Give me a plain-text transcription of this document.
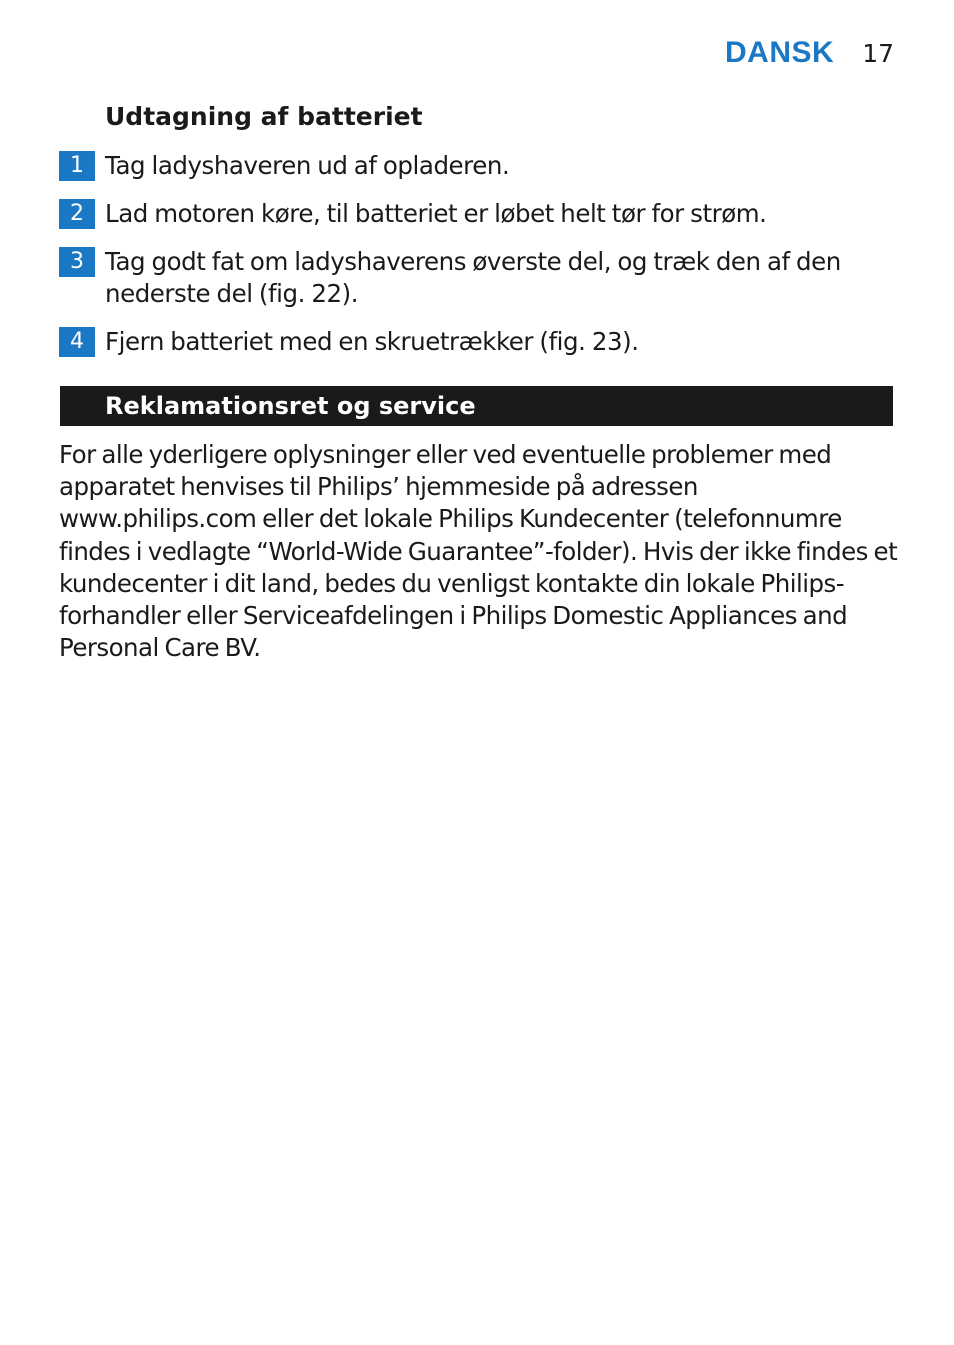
DANSK 17
Udtagning af batteriet
1 Tag ladyshaveren ud af opladeren.
2 Lad motoren køre, til batteriet er løbet helt tør for strøm.
3 Tag godt fat om ladyshaverens øverste del, og træk den af den nederste del (fig. 22).
4 Fjern batteriet med en skruetrækker (fig. 23).
Reklamationsret og service

For alle yderligere oplysninger eller ved eventuelle problemer med apparatet henvises til Philips’ hjemmeside på adressen www.philips.com eller det lokale Philips Kundecenter (telefonnumre findes i vedlagte “World-Wide Guarantee”-folder). Hvis der ikke findes et kundecenter i dit land, bedes du venligst kontakte din lokale Philips-forhandler eller Serviceafdelingen i Philips Domestic Appliances and Personal Care BV.
